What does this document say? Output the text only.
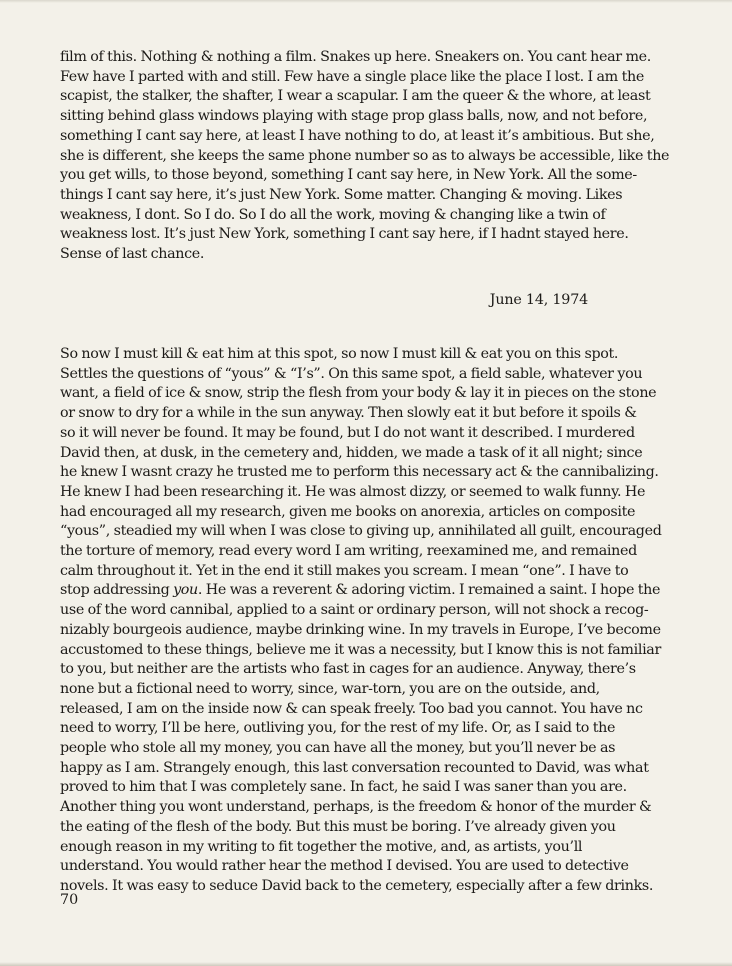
film of this. Nothing & nothing a film. Snakes up here. Sneakers on. You cant hear me.
Few have I parted with and still. Few have a single place like the place I lost. I am the
scapist, the stalker, the shafter, I wear a scapular. I am the queer & the whore, at least
sitting behind glass windows playing with stage prop glass balls, now, and not before,
something I cant say here, at least I have nothing to do, at least it’s ambitious. But she,
she is different, she keeps the same phone number so as to always be accessible, like the
you get wills, to those beyond, something I cant say here, in New York. All the some-
things I cant say here, it’s just New York. Some matter. Changing & moving. Likes
weakness, I dont. So I do. So I do all the work, moving & changing like a twin of
weakness lost. It’s just New York, something I cant say here, if I hadnt stayed here.
Sense of last chance.
June 14, 1974
So now I must kill & eat him at this spot, so now I must kill & eat you on this spot.
Settles the questions of “yous” & “I’s”. On this same spot, a field sable, whatever you
want, a field of ice & snow, strip the flesh from your body & lay it in pieces on the stone
or snow to dry for a while in the sun anyway. Then slowly eat it but before it spoils &
so it will never be found. It may be found, but I do not want it described. I murdered
David then, at dusk, in the cemetery and, hidden, we made a task of it all night; since
he knew I wasnt crazy he trusted me to perform this necessary act & the cannibalizing.
He knew I had been researching it. He was almost dizzy, or seemed to walk funny. He
had encouraged all my research, given me books on anorexia, articles on composite
“yous”, steadied my will when I was close to giving up, annihilated all guilt, encouraged
the torture of memory, read every word I am writing, reexamined me, and remained
calm throughout it. Yet in the end it still makes you scream. I mean “one”. I have to
stop addressing you. He was a reverent & adoring victim. I remained a saint. I hope the
use of the word cannibal, applied to a saint or ordinary person, will not shock a recog-
nizably bourgeois audience, maybe drinking wine. In my travels in Europe, I’ve become
accustomed to these things, believe me it was a necessity, but I know this is not familiar
to you, but neither are the artists who fast in cages for an audience. Anyway, there’s
none but a fictional need to worry, since, war-torn, you are on the outside, and,
released, I am on the inside now & can speak freely. Too bad you cannot. You have nc
need to worry, I’ll be here, outliving you, for the rest of my life. Or, as I said to the
people who stole all my money, you can have all the money, but you’ll never be as
happy as I am. Strangely enough, this last conversation recounted to David, was what
proved to him that I was completely sane. In fact, he said I was saner than you are.
Another thing you wont understand, perhaps, is the freedom & honor of the murder &
the eating of the flesh of the body. But this must be boring. I’ve already given you
enough reason in my writing to fit together the motive, and, as artists, you’ll
understand. You would rather hear the method I devised. You are used to detective
novels. It was easy to seduce David back to the cemetery, especially after a few drinks.
70
